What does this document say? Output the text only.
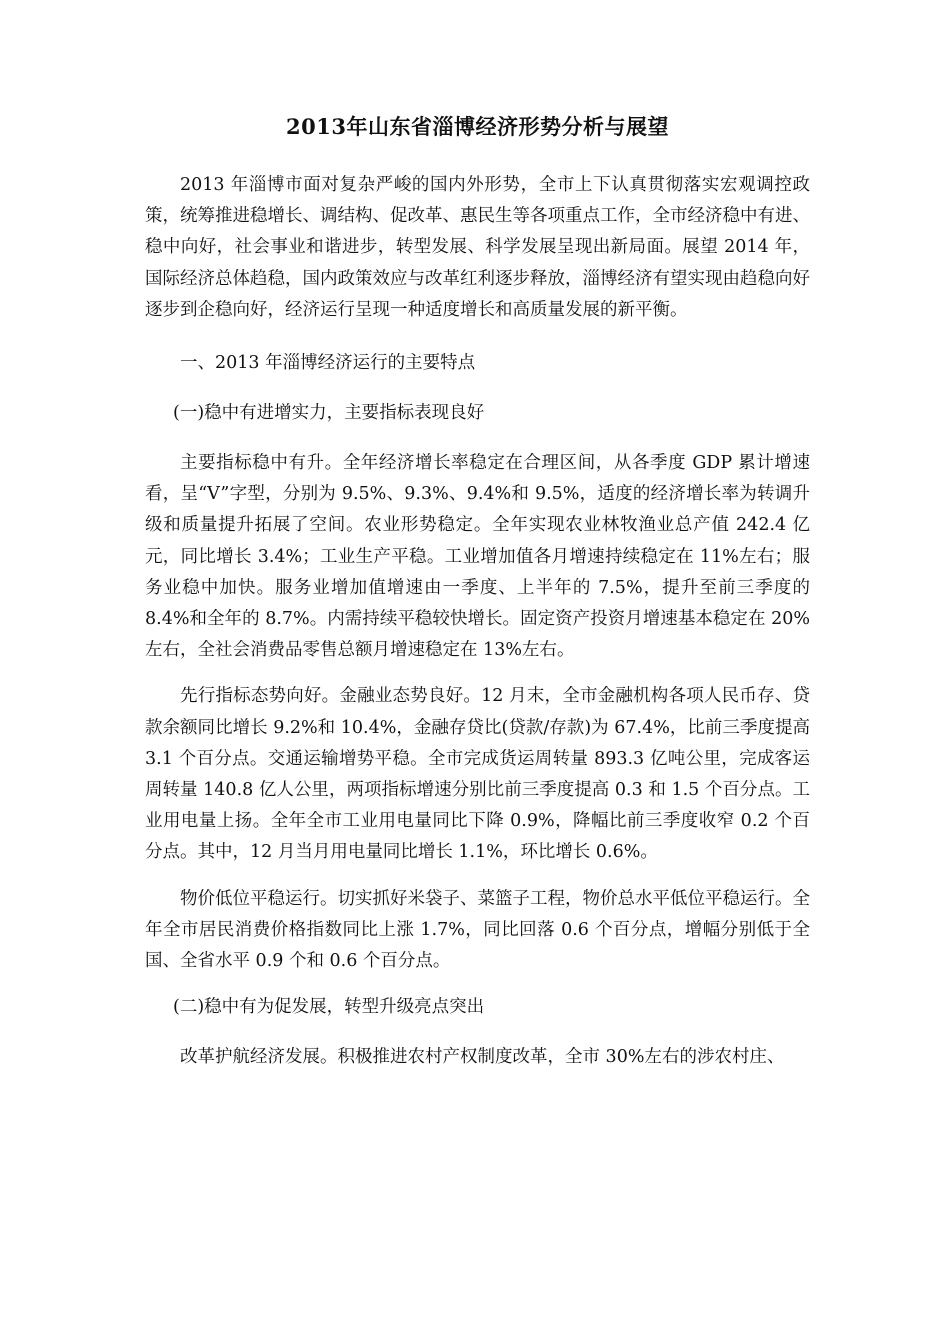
2013年山东省淄博经济形势分析与展望

2013 年淄博市面对复杂严峻的国内外形势，全市上下认真贯彻落实宏观调控政策，统筹推进稳增长、调结构、促改革、惠民生等各项重点工作，全市经济稳中有进、稳中向好，社会事业和谐进步，转型发展、科学发展呈现出新局面。展望 2014 年，国际经济总体趋稳，国内政策效应与改革红利逐步释放，淄博经济有望实现由趋稳向好逐步到企稳向好，经济运行呈现一种适度增长和高质量发展的新平衡。

一、2013 年淄博经济运行的主要特点

(一)稳中有进增实力，主要指标表现良好

主要指标稳中有升。全年经济增长率稳定在合理区间，从各季度 GDP 累计增速看，呈“V”字型，分别为 9.5%、9.3%、9.4%和 9.5%，适度的经济增长率为转调升级和质量提升拓展了空间。农业形势稳定。全年实现农业林牧渔业总产值 242.4 亿元，同比增长 3.4%；工业生产平稳。工业增加值各月增速持续稳定在 11%左右；服务业稳中加快。服务业增加值增速由一季度、上半年的 7.5%，提升至前三季度的 8.4%和全年的 8.7%。内需持续平稳较快增长。固定资产投资月增速基本稳定在 20%左右，全社会消费品零售总额月增速稳定在 13%左右。

先行指标态势向好。金融业态势良好。12 月末，全市金融机构各项人民币存、贷款余额同比增长 9.2%和 10.4%，金融存贷比(贷款/存款)为 67.4%，比前三季度提高 3.1 个百分点。交通运输增势平稳。全市完成货运周转量 893.3 亿吨公里，完成客运周转量 140.8 亿人公里，两项指标增速分别比前三季度提高 0.3 和 1.5 个百分点。工业用电量上扬。全年全市工业用电量同比下降 0.9%，降幅比前三季度收窄 0.2 个百分点。其中，12 月当月用电量同比增长 1.1%，环比增长 0.6%。

物价低位平稳运行。切实抓好米袋子、菜篮子工程，物价总水平低位平稳运行。全年全市居民消费价格指数同比上涨 1.7%，同比回落 0.6 个百分点，增幅分别低于全国、全省水平 0.9 个和 0.6 个百分点。

(二)稳中有为促发展，转型升级亮点突出

改革护航经济发展。积极推进农村产权制度改革，全市 30%左右的涉农村庄、
